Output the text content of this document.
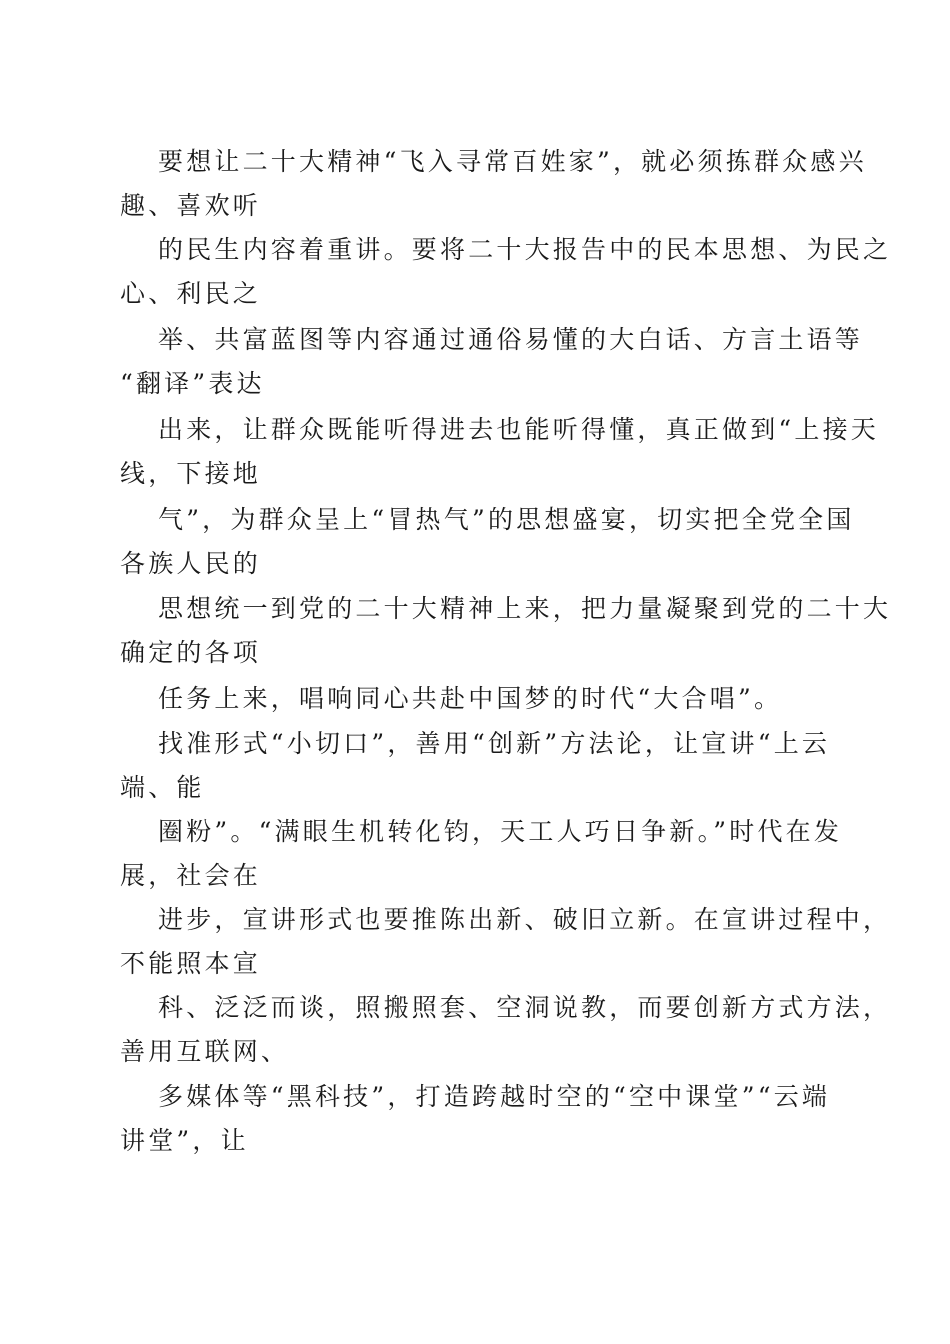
要想让二十大精神“飞入寻常百姓家”，就必须拣群众感兴
趣、喜欢听
的民生内容着重讲。要将二十大报告中的民本思想、为民之
心、利民之
举、共富蓝图等内容通过通俗易懂的大白话、方言土语等
“翻译”表达
出来，让群众既能听得进去也能听得懂，真正做到“上接天
线，下接地
气”，为群众呈上“冒热气”的思想盛宴，切实把全党全国
各族人民的
思想统一到党的二十大精神上来，把力量凝聚到党的二十大
确定的各项
任务上来，唱响同心共赴中国梦的时代“大合唱”。
找准形式“小切口”，善用“创新”方法论，让宣讲“上云
端、能
圈粉”。“满眼生机转化钧，天工人巧日争新。”时代在发
展，社会在
进步，宣讲形式也要推陈出新、破旧立新。在宣讲过程中，
不能照本宣
科、泛泛而谈，照搬照套、空洞说教，而要创新方式方法，
善用互联网、
多媒体等“黑科技”，打造跨越时空的“空中课堂”“云端
讲堂”，让
